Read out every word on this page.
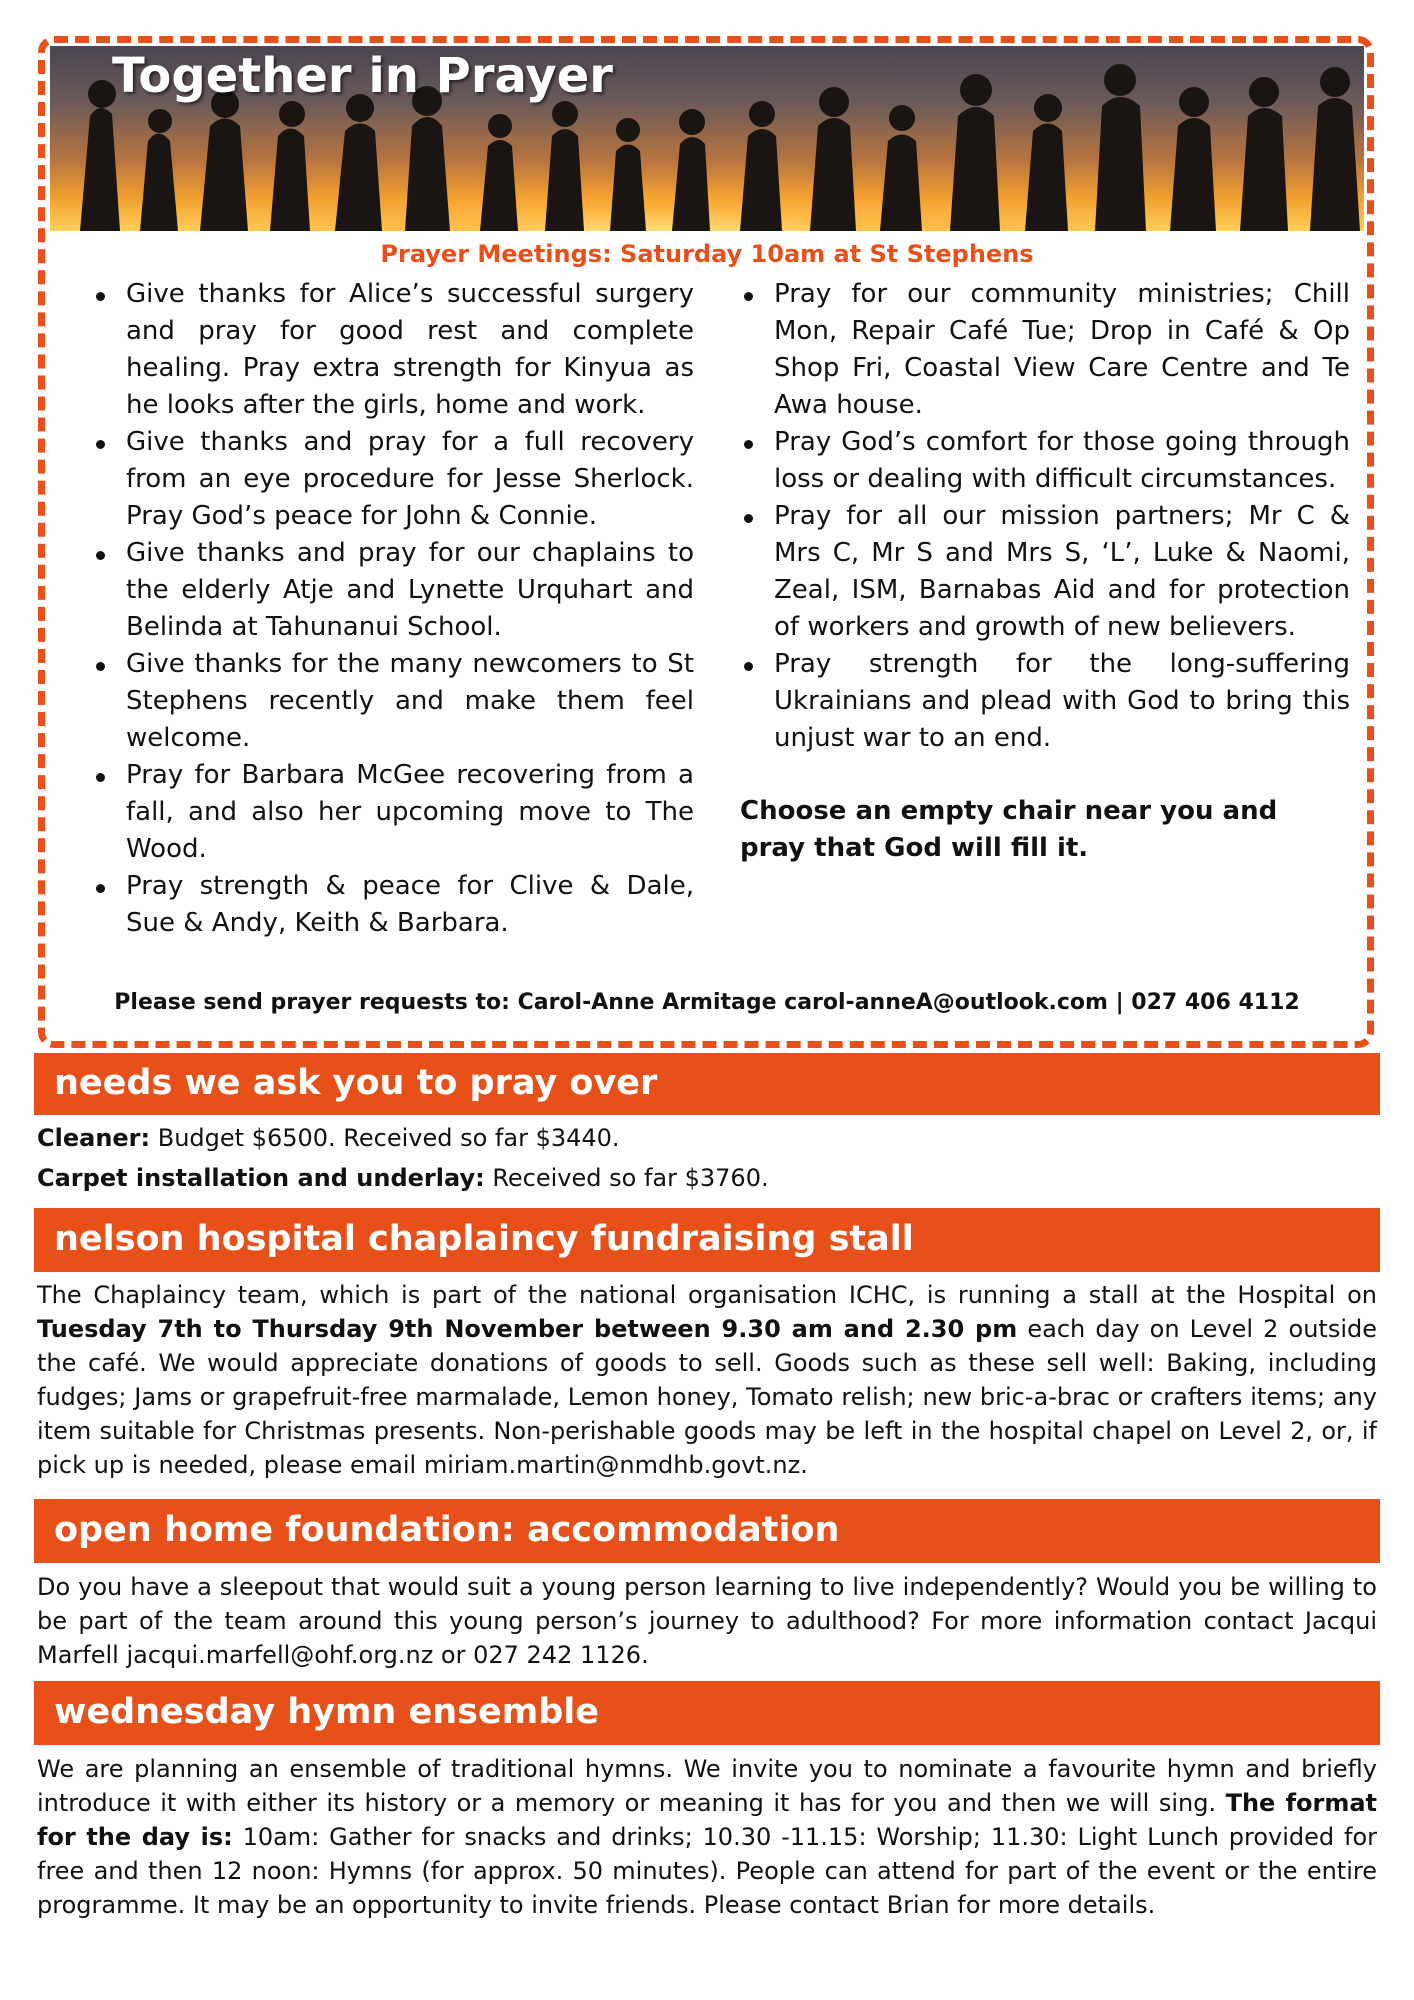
Together in Prayer
Prayer Meetings: Saturday 10am at St Stephens
Give thanks for Alice’s successful surgery and pray for good rest and complete healing. Pray extra strength for Kinyua as he looks after the girls, home and work.
Give thanks and pray for a full recovery from an eye procedure for Jesse Sherlock. Pray God’s peace for John & Connie.
Give thanks and pray for our chaplains to the elderly Atje and Lynette Urquhart and Belinda at Tahunanui School.
Give thanks for the many newcomers to St Stephens recently and make them feel welcome.
Pray for Barbara McGee recovering from a fall, and also her upcoming move to The Wood.
Pray strength & peace for Clive & Dale, Sue & Andy, Keith & Barbara.
Pray for our community ministries; Chill Mon, Repair Café Tue; Drop in Café & Op Shop Fri, Coastal View Care Centre and Te Awa house.
Pray God’s comfort for those going through loss or dealing with difficult circumstances.
Pray for all our mission partners; Mr C & Mrs C, Mr S and Mrs S, ‘L’, Luke & Naomi, Zeal, ISM, Barnabas Aid and for protection of workers and growth of new believers.
Pray strength for the long-suffering Ukrainians and plead with God to bring this unjust war to an end.
Choose an empty chair near you and pray that God will fill it.
Please send prayer requests to: Carol-Anne Armitage carol-anneA@outlook.com | 027 406 4112
needs we ask you to pray over

Cleaner: Budget $6500. Received so far $3440.

Carpet installation and underlay: Received so far $3760.

nelson hospital chaplaincy fundraising stall

The Chaplaincy team, which is part of the national organisation ICHC, is running a stall at the Hospital on Tuesday 7th to Thursday 9th November between 9.30 am and 2.30 pm each day on Level 2 outside the café. We would appreciate donations of goods to sell. Goods such as these sell well: Baking, including fudges; Jams or grapefruit-free marmalade, Lemon honey, Tomato relish; new bric-a-brac or crafters items; any item suitable for Christmas presents. Non-perishable goods may be left in the hospital chapel on Level 2, or, if pick up is needed, please email miriam.martin@nmdhb.govt.nz.

open home foundation: accommodation

Do you have a sleepout that would suit a young person learning to live independently? Would you be willing to be part of the team around this young person’s journey to adulthood? For more information contact Jacqui Marfell jacqui.marfell@ohf.org.nz or 027 242 1126.

wednesday hymn ensemble

We are planning an ensemble of traditional hymns. We invite you to nominate a favourite hymn and briefly introduce it with either its history or a memory or meaning it has for you and then we will sing. The format for the day is: 10am: Gather for snacks and drinks; 10.30 -11.15: Worship; 11.30: Light Lunch provided for free and then 12 noon: Hymns (for approx. 50 minutes). People can attend for part of the event or the entire programme. It may be an opportunity to invite friends. Please contact Brian for more details.
